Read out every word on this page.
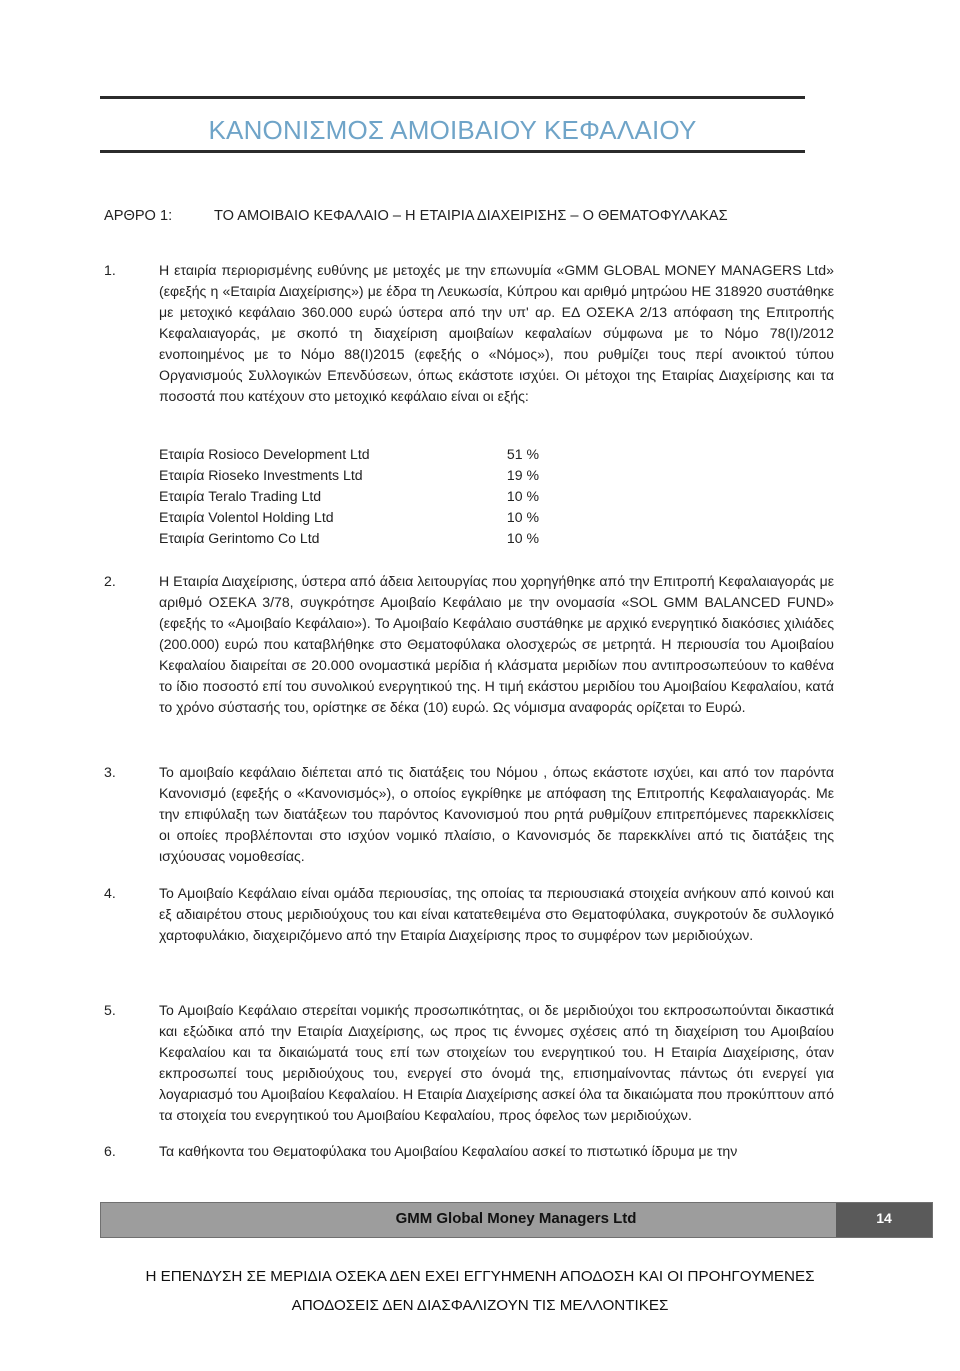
ΚΑΝΟΝΙΣΜΟΣ ΑΜΟΙΒΑΙΟΥ ΚΕΦΑΛΑΙΟΥ
ΑΡΘΡΟ 1:	ΤΟ ΑΜΟΙΒΑΙΟ ΚΕΦΑΛΑΙΟ – Η ΕΤΑΙΡΙΑ ΔΙΑΧΕΙΡΙΣΗΣ – Ο ΘΕΜΑΤΟΦΥΛΑΚΑΣ
1.	Η εταιρία περιορισμένης ευθύνης με μετοχές με την επωνυμία «GMM GLOBAL MONEY MANAGERS Ltd» (εφεξής η «Εταιρία Διαχείρισης») με έδρα τη Λευκωσία, Κύπρου και αριθμό μητρώου ΗΕ 318920 συστάθηκε με μετοχικό κεφάλαιο 360.000 ευρώ ύστερα από την υπ' αρ. ΕΔ ΟΣΕΚΑ 2/13 απόφαση της Επιτροπής Κεφαλαιαγοράς, με σκοπό τη διαχείριση αμοιβαίων κεφαλαίων σύμφωνα με το Νόμο 78(Ι)/2012 ενοποιημένος με το Νόμο 88(Ι)2015 (εφεξής ο «Νόμος»), που ρυθμίζει τους περί ανοικτού τύπου Οργανισμούς Συλλογικών Επενδύσεων, όπως εκάστοτε ισχύει. Οι μέτοχοι της Εταιρίας Διαχείρισης και τα ποσοστά που κατέχουν στο μετοχικό κεφάλαιο είναι οι εξής:
Εταιρία Rosioco Development Ltd	51 %
Εταιρία Rioseko Investments Ltd	19 %
Εταιρία Teralo Trading Ltd	10 %
Εταιρία Volentol Holding Ltd	10 %
Εταιρία Gerintomo Co Ltd	10 %
2.	Η Εταιρία Διαχείρισης, ύστερα από άδεια λειτουργίας που χορηγήθηκε από την Επιτροπή Κεφαλαιαγοράς με αριθμό ΟΣΕΚΑ 3/78, συγκρότησε Αμοιβαίο Κεφάλαιο με την ονομασία «SOL GMM BALANCED FUND» (εφεξής το «Αμοιβαίο Κεφάλαιο»). Το Αμοιβαίο Κεφάλαιο συστάθηκε με αρχικό ενεργητικό διακόσιες χιλιάδες (200.000) ευρώ που καταβλήθηκε στο Θεματοφύλακα ολοσχερώς σε μετρητά. Η περιουσία του Αμοιβαίου Κεφαλαίου διαιρείται σε 20.000 ονομαστικά μερίδια ή κλάσματα μεριδίων που αντιπροσωπεύουν το καθένα το ίδιο ποσοστό επί του συνολικού ενεργητικού της. Η τιμή εκάστου μεριδίου του Αμοιβαίου Κεφαλαίου, κατά το χρόνο σύστασής του, ορίστηκε σε δέκα (10) ευρώ. Ως νόμισμα αναφοράς ορίζεται το Ευρώ.
3.	Το αμοιβαίο κεφάλαιο διέπεται από τις διατάξεις του Νόμου , όπως εκάστοτε ισχύει, και από τον παρόντα Κανονισμό (εφεξής ο «Κανονισμός»), ο οποίος εγκρίθηκε με απόφαση της Επιτροπής Κεφαλαιαγοράς. Με την επιφύλαξη των διατάξεων του παρόντος Κανονισμού που ρητά ρυθμίζουν επιτρεπόμενες παρεκκλίσεις οι οποίες προβλέπονται στο ισχύον νομικό πλαίσιο, ο Κανονισμός δε παρεκκλίνει από τις διατάξεις της ισχύουσας νομοθεσίας.
4.	Το Αμοιβαίο Κεφάλαιο είναι ομάδα περιουσίας, της οποίας τα περιουσιακά στοιχεία ανήκουν από κοινού και εξ αδιαιρέτου στους μεριδιούχους του και είναι κατατεθειμένα στο Θεματοφύλακα, συγκροτούν δε συλλογικό χαρτοφυλάκιο, διαχειριζόμενο από την Εταιρία Διαχείρισης προς το συμφέρον των μεριδιούχων.
5.	Το Αμοιβαίο Κεφάλαιο στερείται νομικής προσωπικότητας, οι δε μεριδιούχοι του εκπροσωπούνται δικαστικά και εξώδικα από την Εταιρία Διαχείρισης, ως προς τις έννομες σχέσεις από τη διαχείριση του Αμοιβαίου Κεφαλαίου και τα δικαιώματά τους επί των στοιχείων του ενεργητικού του. Η Εταιρία Διαχείρισης, όταν εκπροσωπεί τους μεριδιούχους του, ενεργεί στο όνομά της, επισημαίνοντας πάντως ότι ενεργεί για λογαριασμό του Αμοιβαίου Κεφαλαίου. Η Εταιρία Διαχείρισης ασκεί όλα τα δικαιώματα που προκύπτουν από τα στοιχεία του ενεργητικού του Αμοιβαίου Κεφαλαίου, προς όφελος των μεριδιούχων.
6.	Τα καθήκοντα του Θεματοφύλακα του Αμοιβαίου Κεφαλαίου ασκεί το πιστωτικό ίδρυμα με την
GMM Global Money Managers Ltd	14
Η ΕΠΕΝΔΥΣΗ ΣΕ ΜΕΡΙΔΙΑ ΟΣΕΚΑ ΔΕΝ ΕΧΕΙ ΕΓΓΥΗΜΕΝΗ ΑΠΟΔΟΣΗ ΚΑΙ ΟΙ ΠΡΟΗΓΟΥΜΕΝΕΣ
ΑΠΟΔΟΣΕΙΣ ΔΕΝ ΔΙΑΣΦΑΛΙΖΟΥΝ ΤΙΣ ΜΕΛΛΟΝΤΙΚΕΣ
